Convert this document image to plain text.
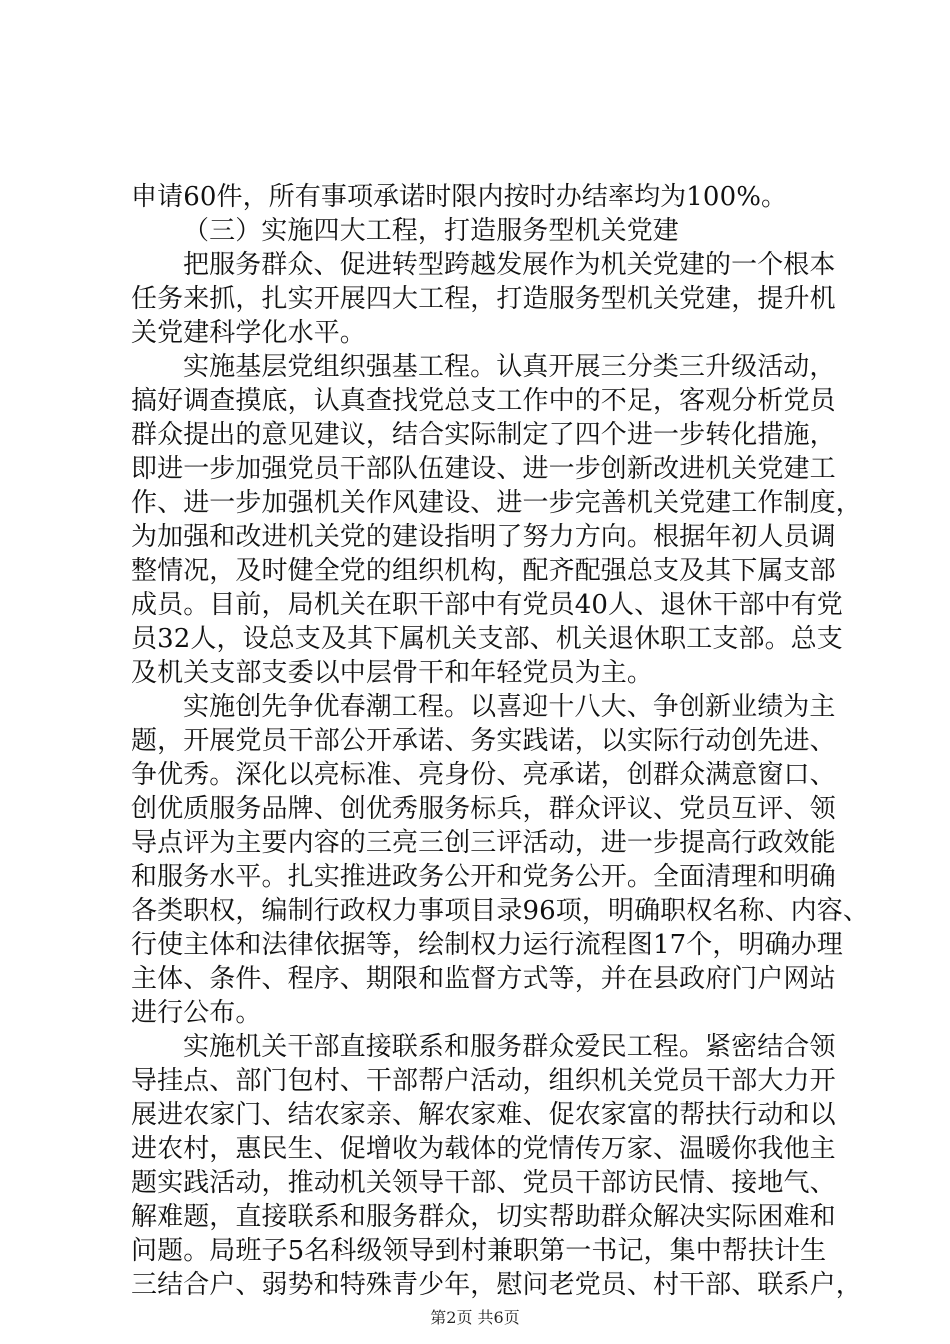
申请60件，所有事项承诺时限内按时办结率均为100%。
（三）实施四大工程，打造服务型机关党建
把服务群众、促进转型跨越发展作为机关党建的一个根本
任务来抓，扎实开展四大工程，打造服务型机关党建，提升机
关党建科学化水平。
实施基层党组织强基工程。认真开展三分类三升级活动，
搞好调查摸底，认真查找党总支工作中的不足，客观分析党员
群众提出的意见建议，结合实际制定了四个进一步转化措施，
即进一步加强党员干部队伍建设、进一步创新改进机关党建工
作、进一步加强机关作风建设、进一步完善机关党建工作制度，
为加强和改进机关党的建设指明了努力方向。根据年初人员调
整情况，及时健全党的组织机构，配齐配强总支及其下属支部
成员。目前，局机关在职干部中有党员40人、退休干部中有党
员32人，设总支及其下属机关支部、机关退休职工支部。总支
及机关支部支委以中层骨干和年轻党员为主。
实施创先争优春潮工程。以喜迎十八大、争创新业绩为主
题，开展党员干部公开承诺、务实践诺，以实际行动创先进、
争优秀。深化以亮标准、亮身份、亮承诺，创群众满意窗口、
创优质服务品牌、创优秀服务标兵，群众评议、党员互评、领
导点评为主要内容的三亮三创三评活动，进一步提高行政效能
和服务水平。扎实推进政务公开和党务公开。全面清理和明确
各类职权，编制行政权力事项目录96项，明确职权名称、内容、
行使主体和法律依据等，绘制权力运行流程图17个，明确办理
主体、条件、程序、期限和监督方式等，并在县政府门户网站
进行公布。
实施机关干部直接联系和服务群众爱民工程。紧密结合领
导挂点、部门包村、干部帮户活动，组织机关党员干部大力开
展进农家门、结农家亲、解农家难、促农家富的帮扶行动和以
进农村，惠民生、促增收为载体的党情传万家、温暖你我他主
题实践活动，推动机关领导干部、党员干部访民情、接地气、
解难题，直接联系和服务群众，切实帮助群众解决实际困难和
问题。局班子5名科级领导到村兼职第一书记，集中帮扶计生
三结合户、弱势和特殊青少年，慰问老党员、村干部、联系户，
第2页 共6页
